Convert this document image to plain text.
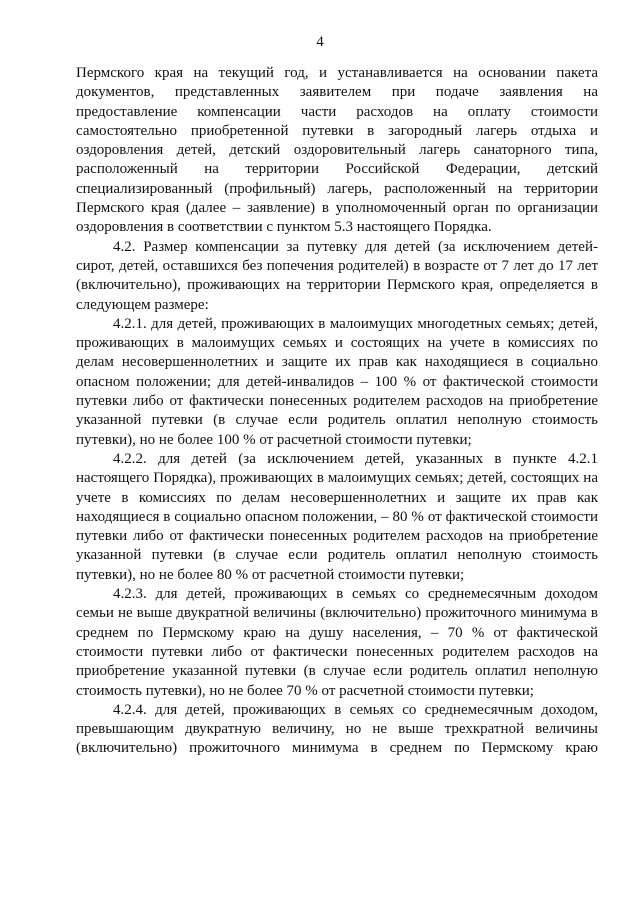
4

Пермского края на текущий год, и устанавливается на основании пакета документов, представленных заявителем при подаче заявления на предоставление компенсации части расходов на оплату стоимости самостоятельно приобретенной путевки в загородный лагерь отдыха и оздоровления детей, детский оздоровительный лагерь санаторного типа, расположенный на территории Российской Федерации, детский специализированный (профильный) лагерь, расположенный на территории Пермского края (далее – заявление) в уполномоченный орган по организации оздоровления в соответствии с пунктом 5.3 настоящего Порядка.

4.2. Размер компенсации за путевку для детей (за исключением детей-сирот, детей, оставшихся без попечения родителей) в возрасте от 7 лет до 17 лет (включительно), проживающих на территории Пермского края, определяется в следующем размере:

4.2.1. для детей, проживающих в малоимущих многодетных семьях; детей, проживающих в малоимущих семьях и состоящих на учете в комиссиях по делам несовершеннолетних и защите их прав как находящиеся в социально опасном положении; для детей-инвалидов – 100 % от фактической стоимости путевки либо от фактически понесенных родителем расходов на приобретение указанной путевки (в случае если родитель оплатил неполную стоимость путевки), но не более 100 % от расчетной стоимости путевки;

4.2.2. для детей (за исключением детей, указанных в пункте 4.2.1 настоящего Порядка), проживающих в малоимущих семьях; детей, состоящих на учете в комиссиях по делам несовершеннолетних и защите их прав как находящиеся в социально опасном положении, – 80 % от фактической стоимости путевки либо от фактически понесенных родителем расходов на приобретение указанной путевки (в случае если родитель оплатил неполную стоимость путевки), но не более 80 % от расчетной стоимости путевки;

4.2.3. для детей, проживающих в семьях со среднемесячным доходом семьи не выше двукратной величины (включительно) прожиточного минимума в среднем по Пермскому краю на душу населения, – 70 % от фактической стоимости путевки либо от фактически понесенных родителем расходов на приобретение указанной путевки (в случае если родитель оплатил неполную стоимость путевки), но не более 70 % от расчетной стоимости путевки;

4.2.4. для детей, проживающих в семьях со среднемесячным доходом, превышающим двукратную величину, но не выше трехкратной величины (включительно) прожиточного минимума в среднем по Пермскому краю
